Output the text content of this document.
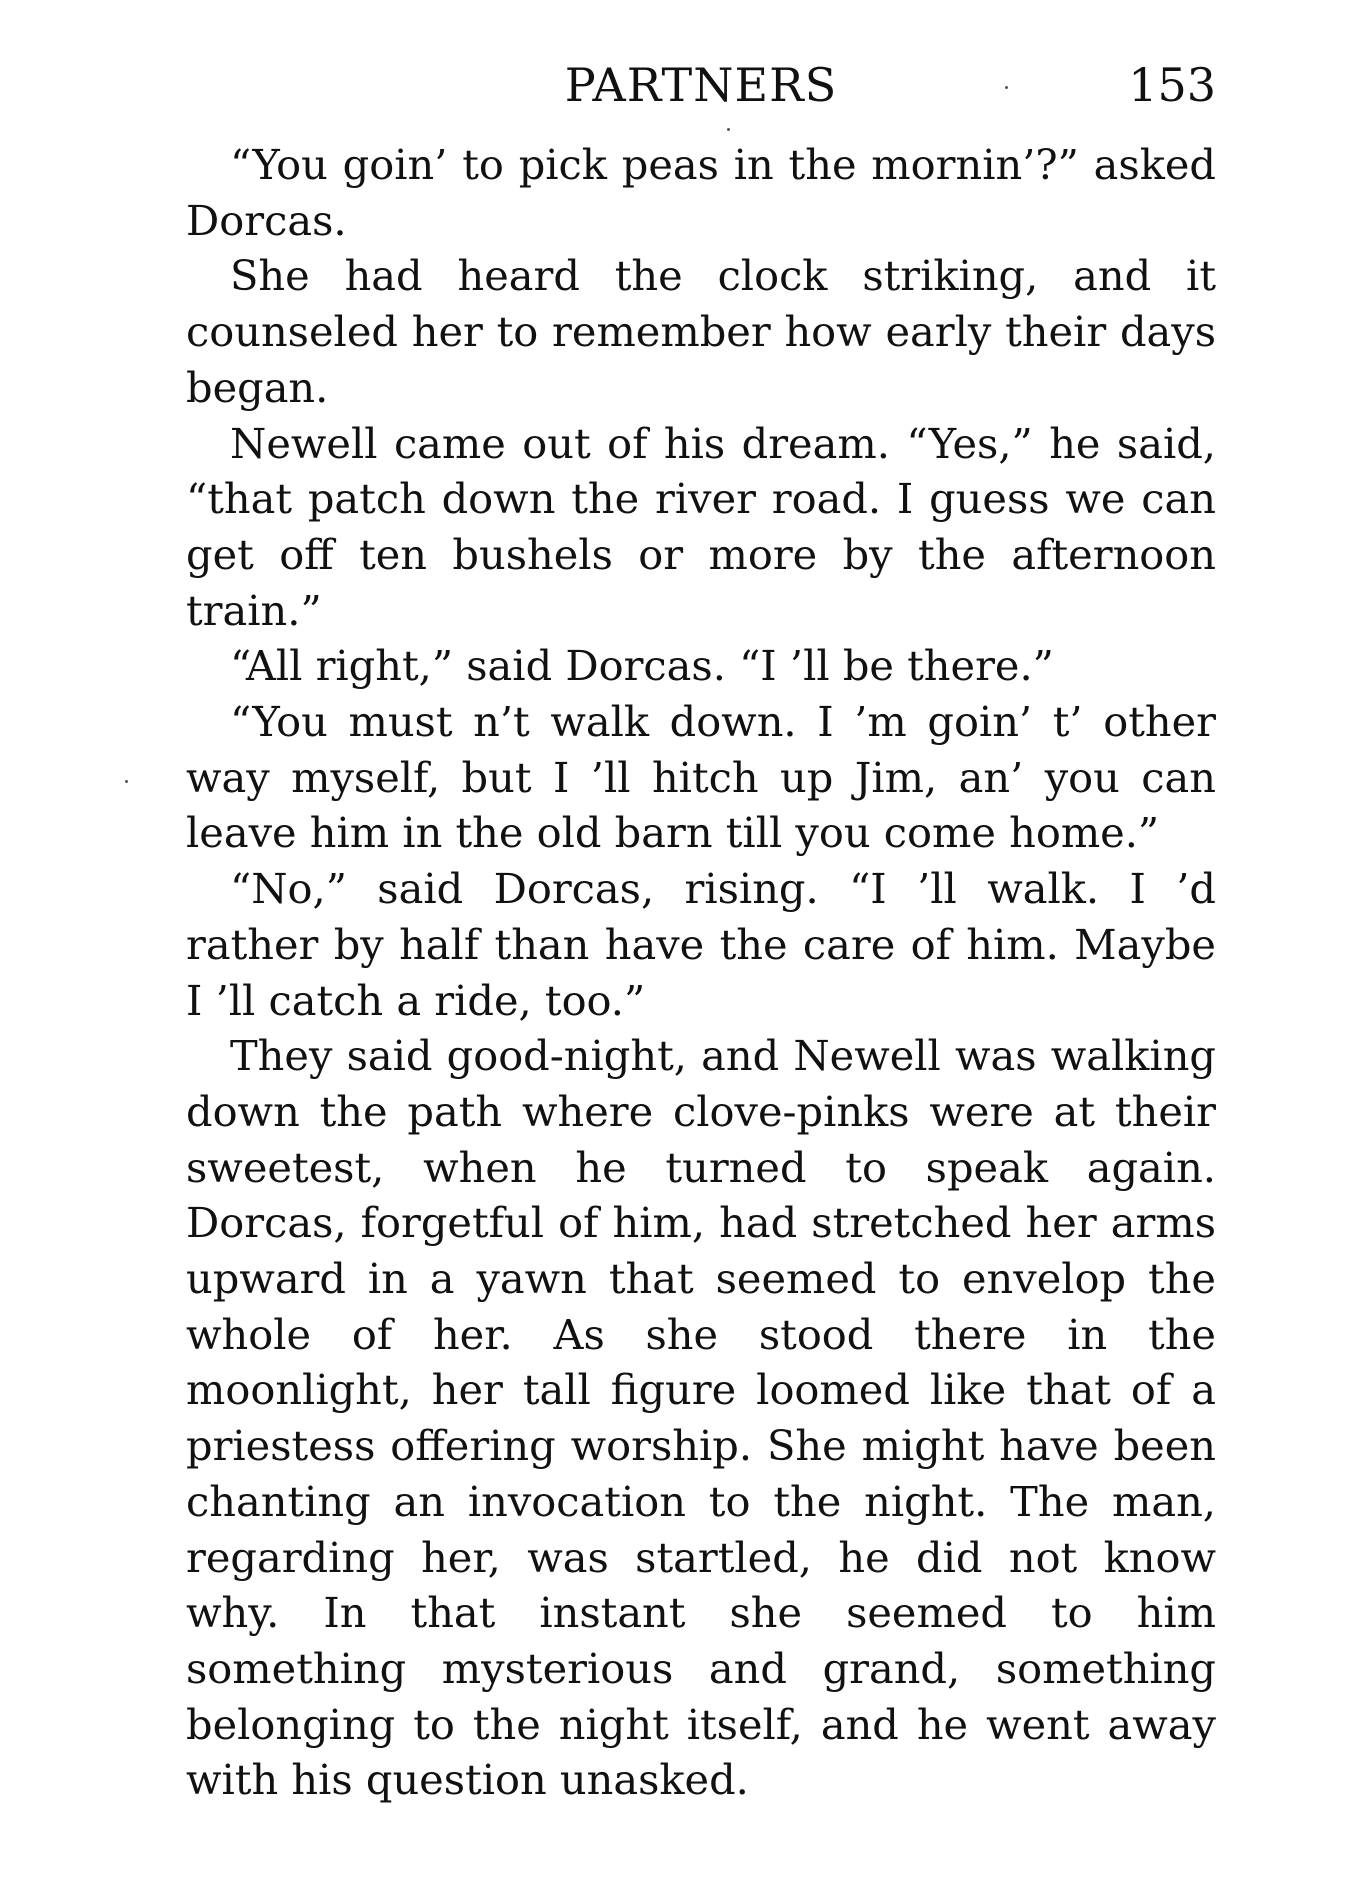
PARTNERS	153

“You goin’ to pick peas in the mornin’?” asked Dorcas.

She had heard the clock striking, and it counseled her to remember how early their days began.

Newell came out of his dream. “Yes,” he said, “that patch down the river road. I guess we can get off ten bushels or more by the afternoon train.”

“All right,” said Dorcas. “I ’ll be there.”

“You must n’t walk down. I ’m goin’ t’ other way myself, but I ’ll hitch up Jim, an’ you can leave him in the old barn till you come home.”

“No,” said Dorcas, rising. “I ’ll walk. I ’d rather by half than have the care of him. Maybe I ’ll catch a ride, too.”

They said good-night, and Newell was walking down the path where clove-pinks were at their sweetest, when he turned to speak again. Dorcas, forgetful of him, had stretched her arms upward in a yawn that seemed to envelop the whole of her. As she stood there in the moonlight, her tall figure loomed like that of a priestess offering worship. She might have been chanting an invocation to the night. The man, regarding her, was startled, he did not know why. In that instant she seemed to him something mysterious and grand, something belonging to the night itself, and he went away with his question unasked.
